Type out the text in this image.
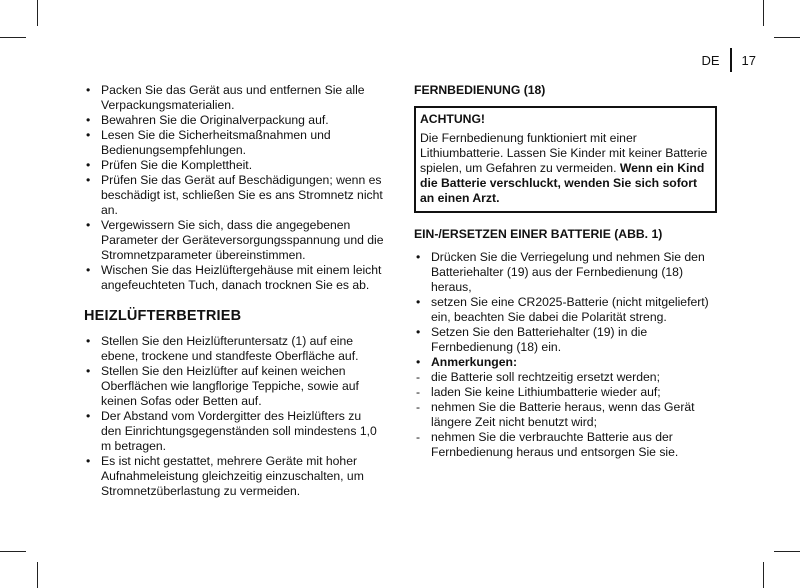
DE 17
• Packen Sie das Gerät aus und entfernen Sie alle Verpackungsmaterialien.
• Bewahren Sie die Originalverpackung auf.
• Lesen Sie die Sicherheitsmaßnahmen und Bedienungsempfehlungen.
• Prüfen Sie die Komplettheit.
• Prüfen Sie das Gerät auf Beschädigungen; wenn es beschädigt ist, schließen Sie es ans Stromnetz nicht an.
• Vergewissern Sie sich, dass die angegebenen Parameter der Geräteversorgungsspannung und die Stromnetzparameter übereinstimmen.
• Wischen Sie das Heizlüftergehäuse mit einem leicht angefeuchteten Tuch, danach trocknen Sie es ab.
HEIZLÜFTERBETRIEB
• Stellen Sie den Heizlüfteruntersatz (1) auf eine ebene, trockene und standfeste Oberfläche auf.
• Stellen Sie den Heizlüfter auf keinen weichen Oberflächen wie langflorige Teppiche, sowie auf keinen Sofas oder Betten auf.
• Der Abstand vom Vordergitter des Heizlüfters zu den Einrichtungsgegenständen soll mindestens 1,0 m betragen.
• Es ist nicht gestattet, mehrere Geräte mit hoher Aufnahmeleistung gleichzeitig einzuschalten, um Stromnetzüberlastung zu vermeiden.
FERNBEDIENUNG (18)
ACHTUNG!
Die Fernbedienung funktioniert mit einer Lithiumbatterie. Lassen Sie Kinder mit keiner Batterie spielen, um Gefahren zu vermeiden. Wenn ein Kind die Batterie verschluckt, wenden Sie sich sofort an einen Arzt.
EIN-/ERSETZEN EINER BATTERIE (ABB. 1)
• Drücken Sie die Verriegelung und nehmen Sie den Batteriehalter (19) aus der Fernbedienung (18) heraus,
• setzen Sie eine CR2025-Batterie (nicht mitgeliefert) ein, beachten Sie dabei die Polarität streng.
• Setzen Sie den Batteriehalter (19) in die Fernbedienung (18) ein.
• Anmerkungen:
- die Batterie soll rechtzeitig ersetzt werden;
- laden Sie keine Lithiumbatterie wieder auf;
- nehmen Sie die Batterie heraus, wenn das Gerät längere Zeit nicht benutzt wird;
- nehmen Sie die verbrauchte Batterie aus der Fernbedienung heraus und entsorgen Sie sie.
